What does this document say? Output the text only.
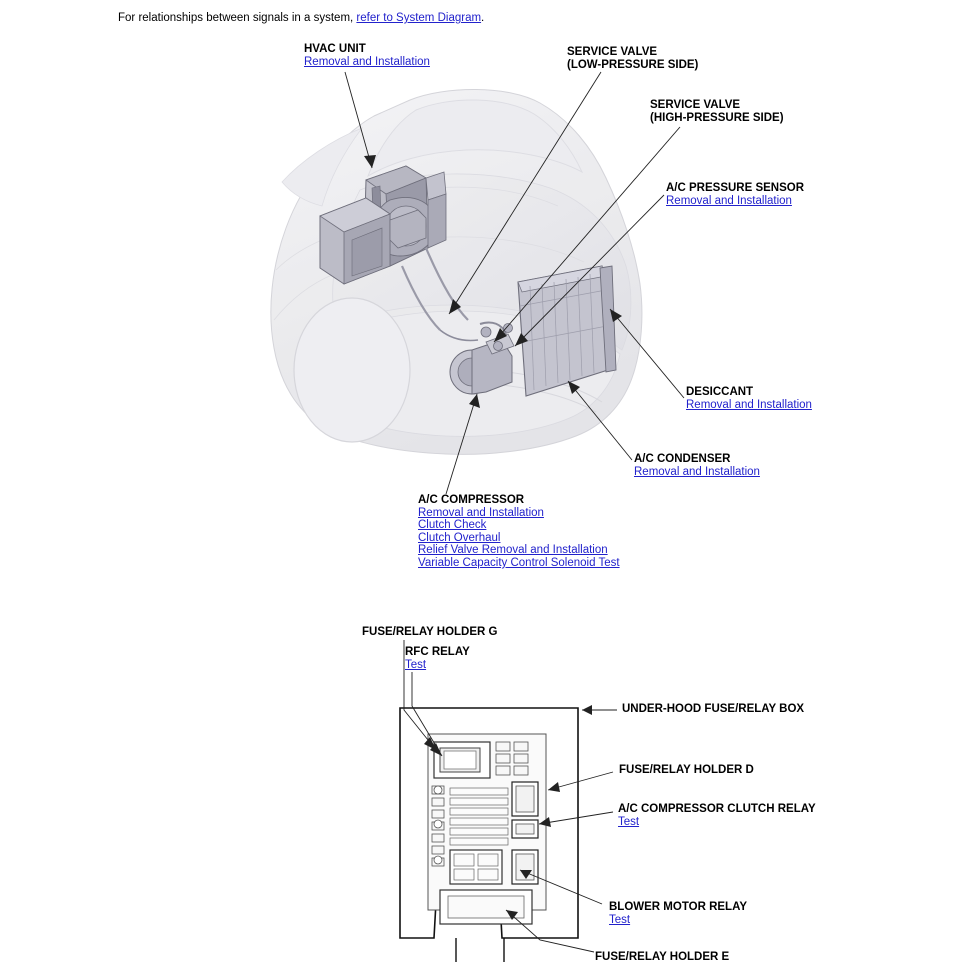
For relationships between signals in a system, refer to System Diagram.
HVAC UNIT
Removal and Installation
SERVICE VALVE
(LOW-PRESSURE SIDE)
SERVICE VALVE
(HIGH-PRESSURE SIDE)
A/C PRESSURE SENSOR
Removal and Installation
DESICCANT
Removal and Installation
A/C CONDENSER
Removal and Installation
A/C COMPRESSOR
Removal and Installation
Clutch Check
Clutch Overhaul
Relief Valve Removal and Installation
Variable Capacity Control Solenoid Test
FUSE/RELAY HOLDER G
RFC RELAY
Test
UNDER-HOOD FUSE/RELAY BOX
FUSE/RELAY HOLDER D
A/C COMPRESSOR CLUTCH RELAY
Test
BLOWER MOTOR RELAY
Test
FUSE/RELAY HOLDER E
